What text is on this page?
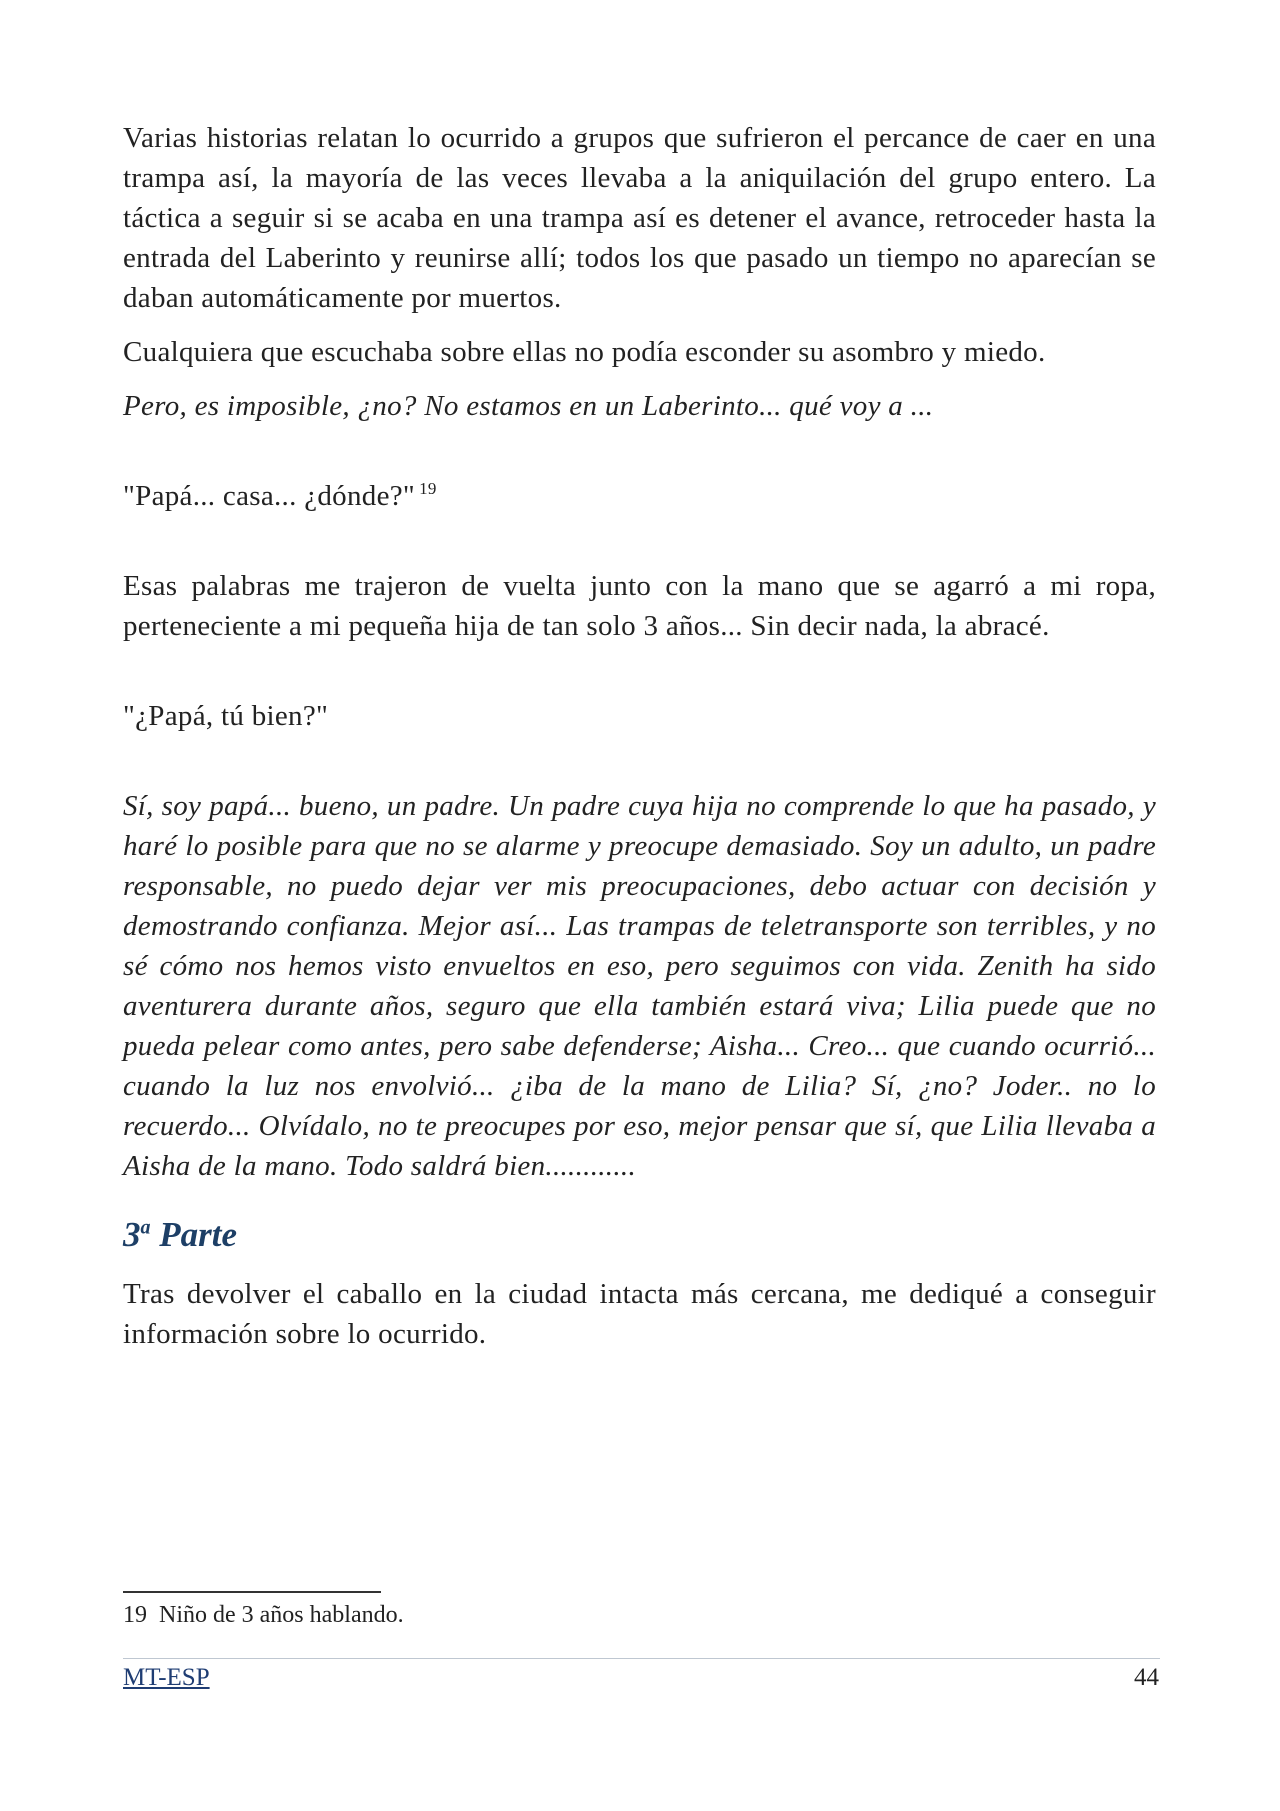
Varias historias relatan lo ocurrido a grupos que sufrieron el percance de caer en una trampa así, la mayoría de las veces llevaba a la aniquilación del grupo entero. La táctica a seguir si se acaba en una trampa así es detener el avance, retroceder hasta la entrada del Laberinto y reunirse allí; todos los que pasado un tiempo no aparecían se daban automáticamente por muertos.

Cualquiera que escuchaba sobre ellas no podía esconder su asombro y miedo.

Pero, es imposible, ¿no? No estamos en un Laberinto... qué voy a ...

"Papá... casa... ¿dónde?" $^{19}$

Esas palabras me trajeron de vuelta junto con la mano que se agarró a mi ropa, perteneciente a mi pequeña hija de tan solo 3 años... Sin decir nada, la abracé.

"¿Papá, tú bien?"

Sí, soy papá... bueno, un padre. Un padre cuya hija no comprende lo que ha pasado, y haré lo posible para que no se alarme y preocupe demasiado. Soy un adulto, un padre responsable, no puedo dejar ver mis preocupaciones, debo actuar con decisión y demostrando confianza. Mejor así... Las trampas de teletransporte son terribles, y no sé cómo nos hemos visto envueltos en eso, pero seguimos con vida. Zenith ha sido aventurera durante años, seguro que ella también estará viva; Lilia puede que no pueda pelear como antes, pero sabe defenderse; Aisha... Creo... que cuando ocurrió... cuando la luz nos envolvió... ¿iba de la mano de Lilia? Sí, ¿no? Joder.. no lo recuerdo... Olvídalo, no te preocupes por eso, mejor pensar que sí, que Lilia llevaba a Aisha de la mano. Todo saldrá bien............

3$^a$ Parte

Tras devolver el caballo en la ciudad intacta más cercana, me dediqué a conseguir información sobre lo ocurrido.

19 Niño de 3 años hablando.
MT-ESP	44
